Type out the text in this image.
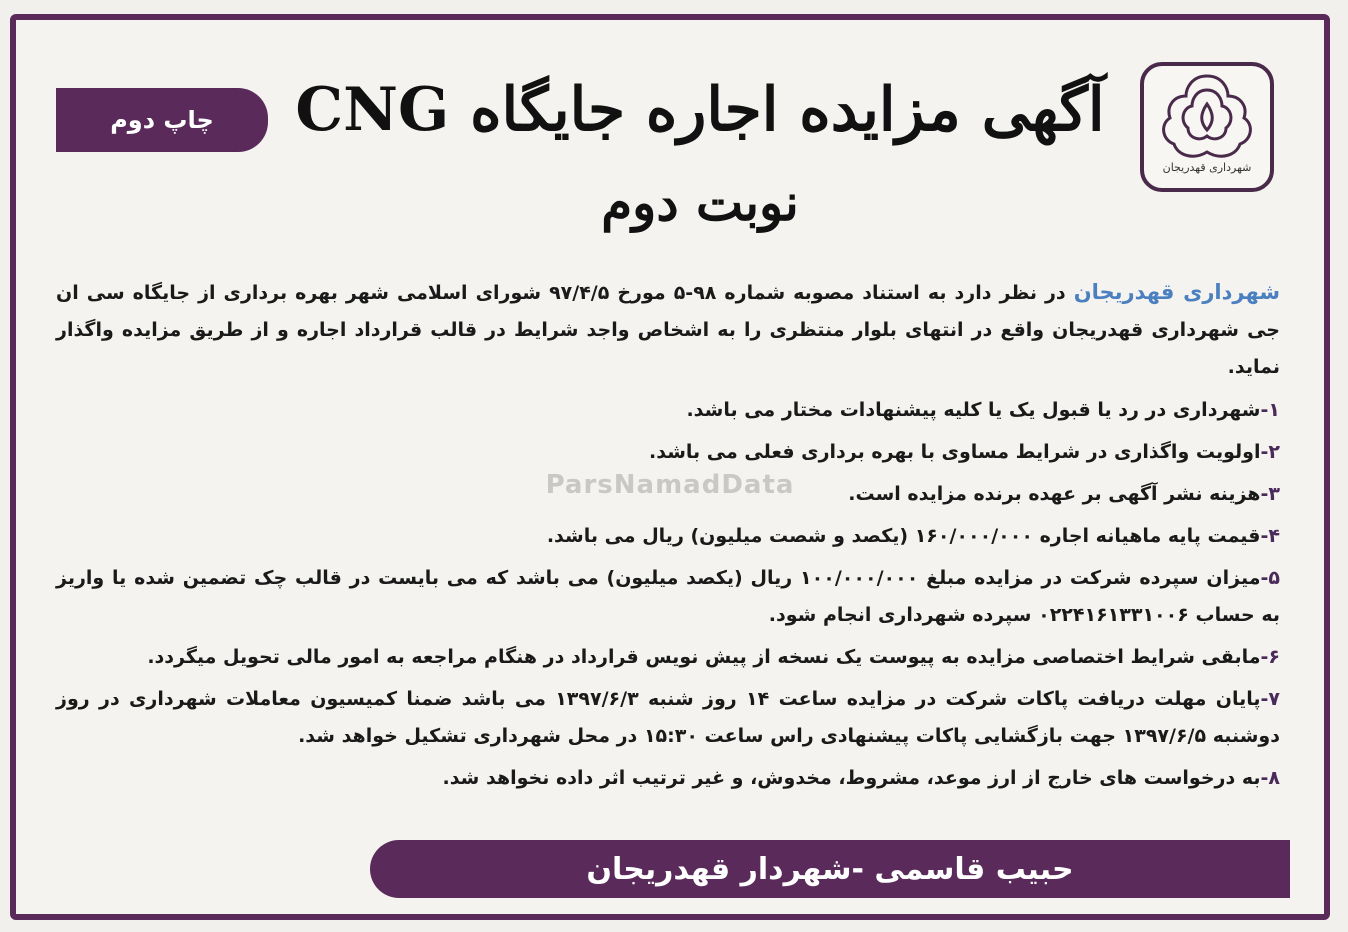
شهرداری قهدریجان
چاپ دوم	آگهی مزایده اجاره جایگاه CNG
نوبت دوم
ParsNamadData

شهرداری قهدریجان در نظر دارد به استناد مصوبه شماره ۹۸-۵ مورخ ۹۷/۴/۵ شورای اسلامی شهر بهره برداری از جایگاه سی ان جی شهرداری قهدریجان واقع در انتهای بلوار منتظری را به اشخاص واجد شرایط در قالب قرارداد اجاره و از طریق مزایده واگذار نماید.

۱-شهرداری در رد یا قبول یک یا کلیه پیشنهادات مختار می باشد.
۲-اولویت واگذاری در شرایط مساوی با بهره برداری فعلی می باشد.
۳-هزینه نشر آگهی بر عهده برنده مزایده است.
۴-قیمت پایه ماهیانه اجاره ۱۶۰/۰۰۰/۰۰۰ (یکصد و شصت میلیون) ریال می باشد.
۵-میزان سپرده شرکت در مزایده مبلغ ۱۰۰/۰۰۰/۰۰۰ ریال (یکصد میلیون) می باشد که می بایست در قالب چک تضمین شده یا واریز به حساب ۰۲۲۴۱۶۱۳۳۱۰۰۶ سپرده شهرداری انجام شود.
۶-مابقی شرایط اختصاصی مزایده به پیوست یک نسخه از پیش نویس قرارداد در هنگام مراجعه به امور مالی تحویل میگردد.
۷-پایان مهلت دریافت پاکات شرکت در مزایده ساعت ۱۴ روز شنبه ۱۳۹۷/۶/۳ می باشد ضمنا کمیسیون معاملات شهرداری در روز دوشنبه ۱۳۹۷/۶/۵ جهت بازگشایی پاکات پیشنهادی راس ساعت ۱۵:۳۰ در محل شهرداری تشکیل خواهد شد.
۸-به درخواست های خارج از ارز موعد، مشروط، مخدوش، و غیر ترتیب اثر داده نخواهد شد.
حبیب قاسمی -شهردار قهدریجان
